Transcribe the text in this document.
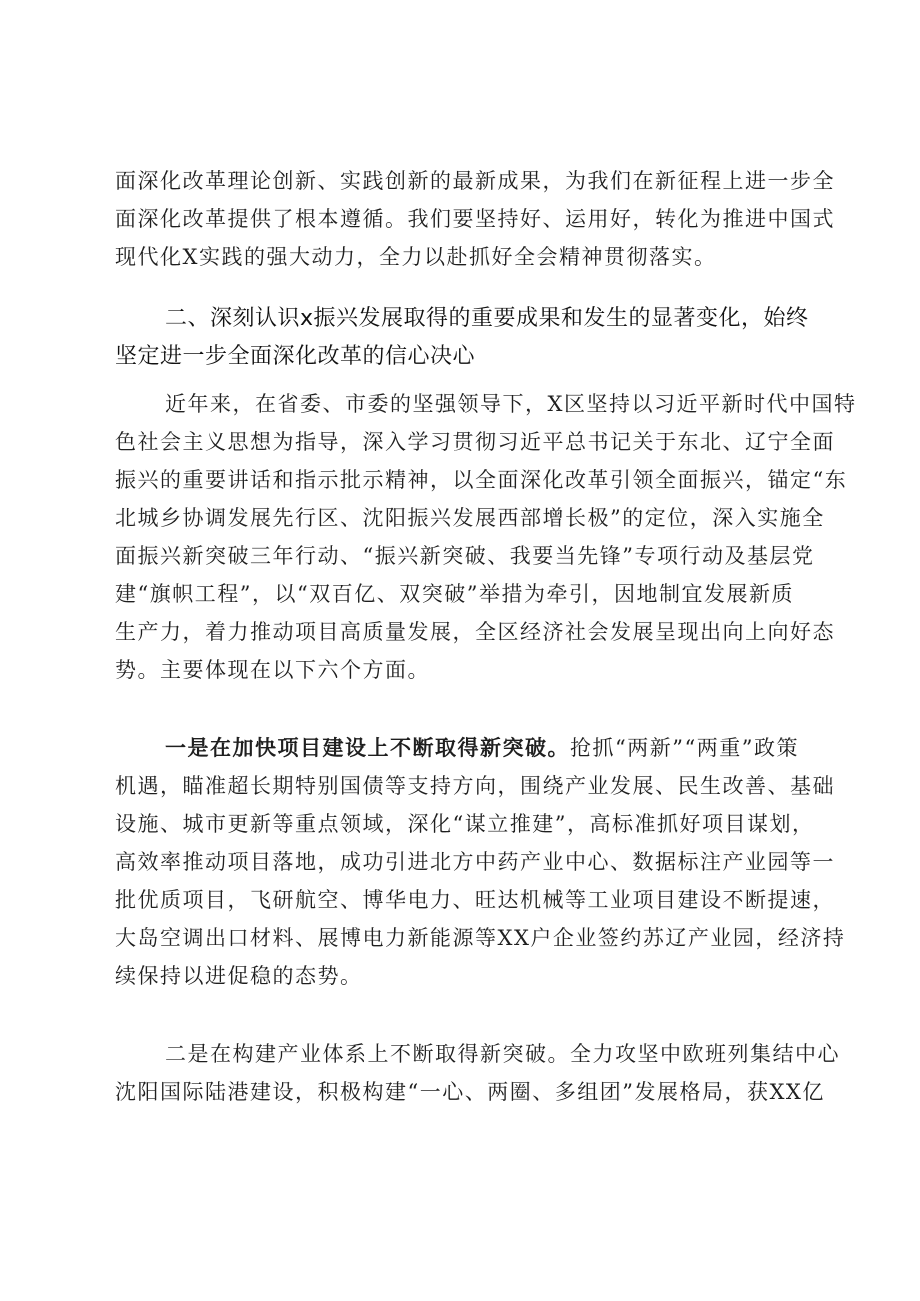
面深化改革理论创新、实践创新的最新成果，为我们在新征程上进一步全
面深化改革提供了根本遵循。我们要坚持好、运用好，转化为推进中国式
现代化X实践的强大动力，全力以赴抓好全会精神贯彻落实。
二、深刻认识x振兴发展取得的重要成果和发生的显著变化，始终
坚定进一步全面深化改革的信心决心
近年来，在省委、市委的坚强领导下，X区坚持以习近平新时代中国特
色社会主义思想为指导，深入学习贯彻习近平总书记关于东北、辽宁全面
振兴的重要讲话和指示批示精神，以全面深化改革引领全面振兴，锚定“东
北城乡协调发展先行区、沈阳振兴发展西部增长极”的定位，深入实施全
面振兴新突破三年行动、“振兴新突破、我要当先锋”专项行动及基层党
建“旗帜工程”，以“双百亿、双突破”举措为牵引，因地制宜发展新质
生产力，着力推动项目高质量发展，全区经济社会发展呈现出向上向好态
势。主要体现在以下六个方面。
一是在加快项目建设上不断取得新突破。抢抓“两新”“两重”政策
机遇，瞄准超长期特别国债等支持方向，围绕产业发展、民生改善、基础
设施、城市更新等重点领域，深化“谋立推建”，高标准抓好项目谋划，
高效率推动项目落地，成功引进北方中药产业中心、数据标注产业园等一
批优质项目，飞研航空、博华电力、旺达机械等工业项目建设不断提速，
大岛空调出口材料、展博电力新能源等XX户企业签约苏辽产业园，经济持
续保持以进促稳的态势。
二是在构建产业体系上不断取得新突破。全力攻坚中欧班列集结中心
沈阳国际陆港建设，积极构建“一心、两圈、多组团”发展格局，获XX亿
